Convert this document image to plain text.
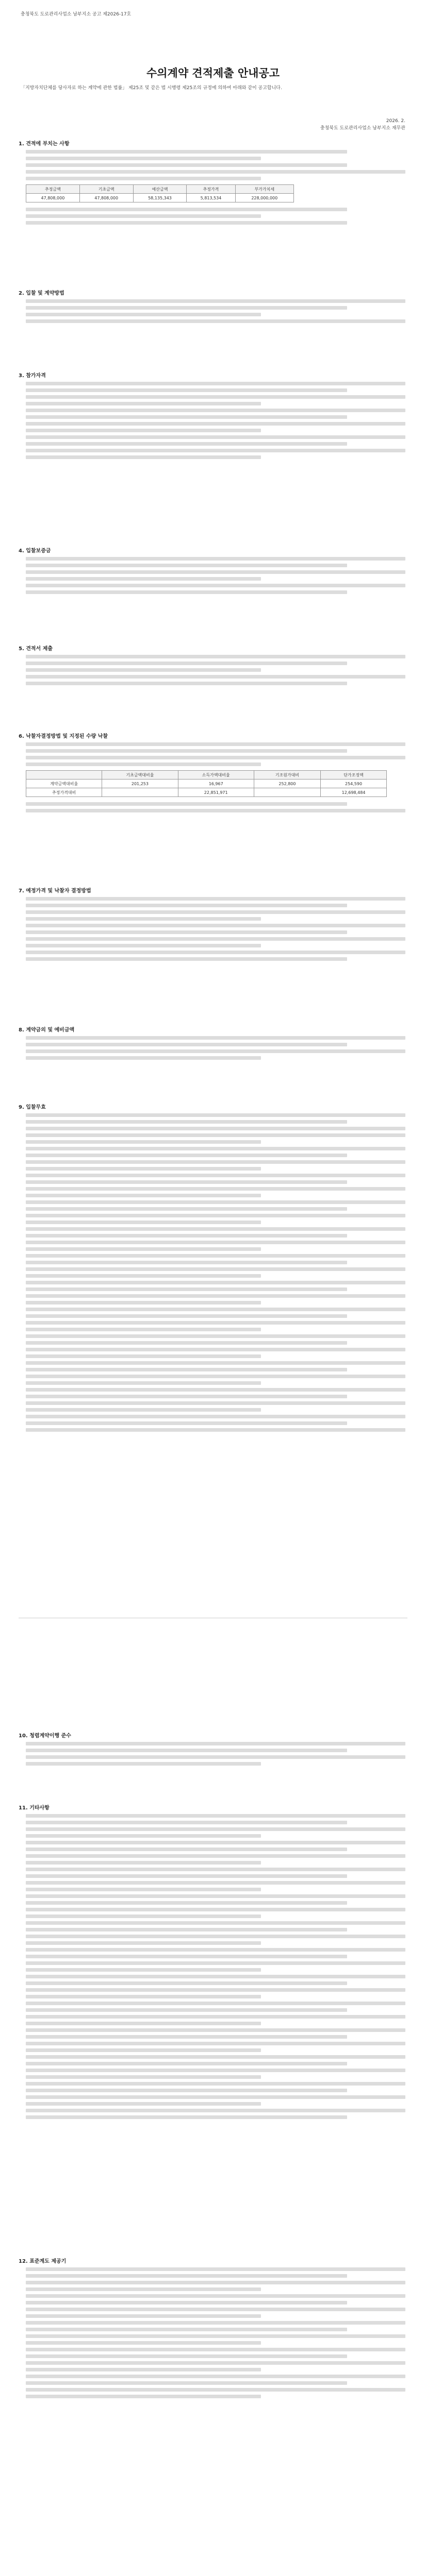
충청북도 도로관리사업소 남부지소 공고 제2026-17호
수의계약 견적제출 안내공고
「지방자치단체를 당사자로 하는 계약에 관한 법률」 제25조 및 같은 법 시행령 제25조의 규정에 의하여 아래와 같이 공고합니다.
2026. 2.
충청북도 도로관리사업소 남부지소 재무관
1. 견적에 부치는 사항
추정금액	기초금액	예산금액	추정가격	부가가치세
47,808,000	47,808,000	58,135,343	5,813,534	228,000,000
2. 입찰 및 계약방법
3. 참가자격
4. 입찰보증금
5. 견적서 제출
6. 낙찰자결정방법 및 지정된 수량 낙찰
	기초금액대비율	소득가액대비율	기조원가대비	단가조정액
계약금액대비율	201,253	16,967	252,800	254,590
추정가격대비		22,851,971		12,698,484
7. 예정가격 및 낙찰자 결정방법
8. 계약금의 및 예비금액
9. 입찰무효
10. 청렴계약이행 준수
11. 기타사항
12. 표준계도 제공기
